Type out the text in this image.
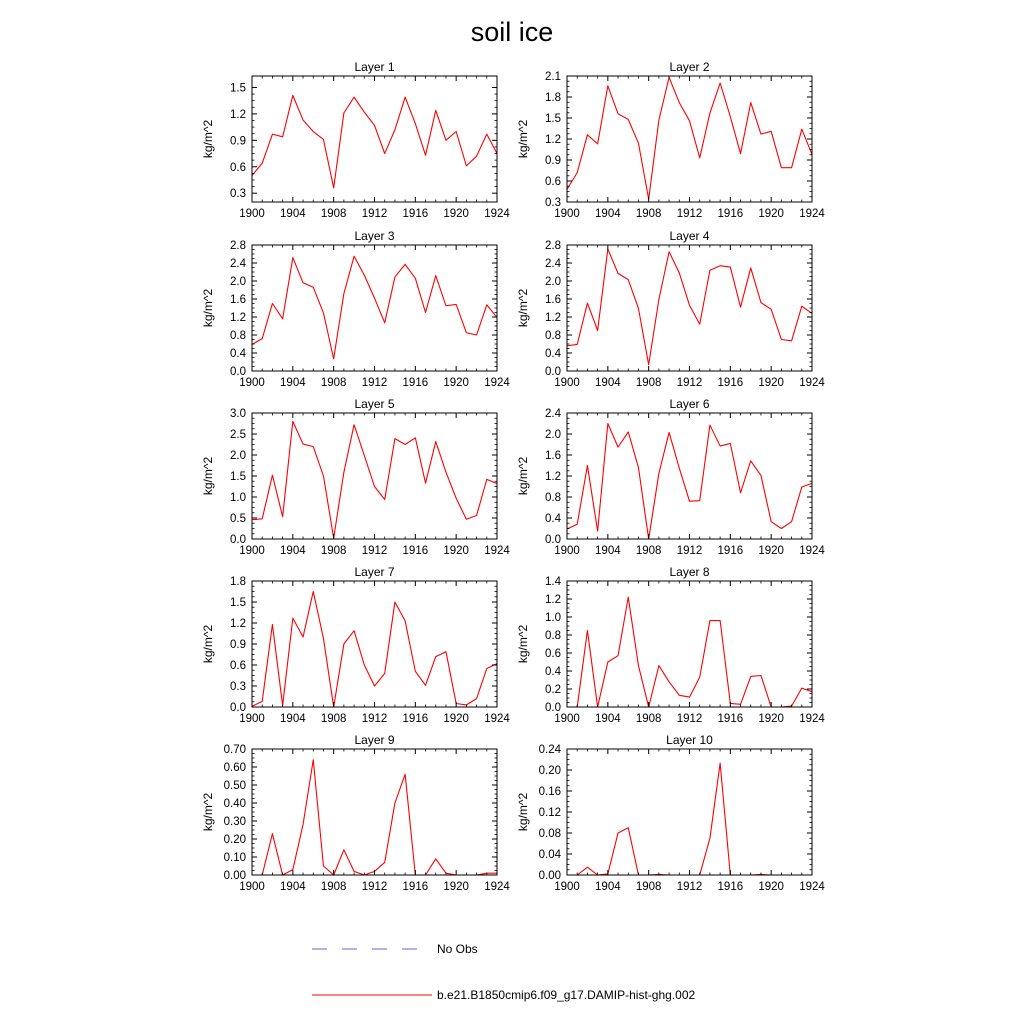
soil ice
Layer 1
1900 1904 1908 1912 1916 1920 1924
0.3
0.6
0.9
1.2
1.5
kg/m^2
Layer 2
1900 1904 1908 1912 1916 1920 1924
0.3
0.6
0.9
1.2
1.5
1.8
2.1
kg/m^2
Layer 3
1900 1904 1908 1912 1916 1920 1924
0.0
0.4
0.8
1.2
1.6
2.0
2.4
2.8
kg/m^2
Layer 4
1900 1904 1908 1912 1916 1920 1924
0.0
0.4
0.8
1.2
1.6
2.0
2.4
2.8
kg/m^2
Layer 5
1900 1904 1908 1912 1916 1920 1924
0.0
0.5
1.0
1.5
2.0
2.5
3.0
kg/m^2
Layer 6
1900 1904 1908 1912 1916 1920 1924
0.0
0.4
0.8
1.2
1.6
2.0
2.4
kg/m^2
Layer 7
1900 1904 1908 1912 1916 1920 1924
0.0
0.3
0.6
0.9
1.2
1.5
1.8
kg/m^2
Layer 8
1900 1904 1908 1912 1916 1920 1924
0.0
0.2
0.4
0.6
0.8
1.0
1.2
1.4
kg/m^2
Layer 9
1900 1904 1908 1912 1916 1920 1924
0.00
0.10
0.20
0.30
0.40
0.50
0.60
0.70
kg/m^2
Layer 10
1900 1904 1908 1912 1916 1920 1924
0.00
0.04
0.08
0.12
0.16
0.20
0.24
kg/m^2
No Obs
b.e21.B1850cmip6.f09_g17.DAMIP-hist-ghg.002
